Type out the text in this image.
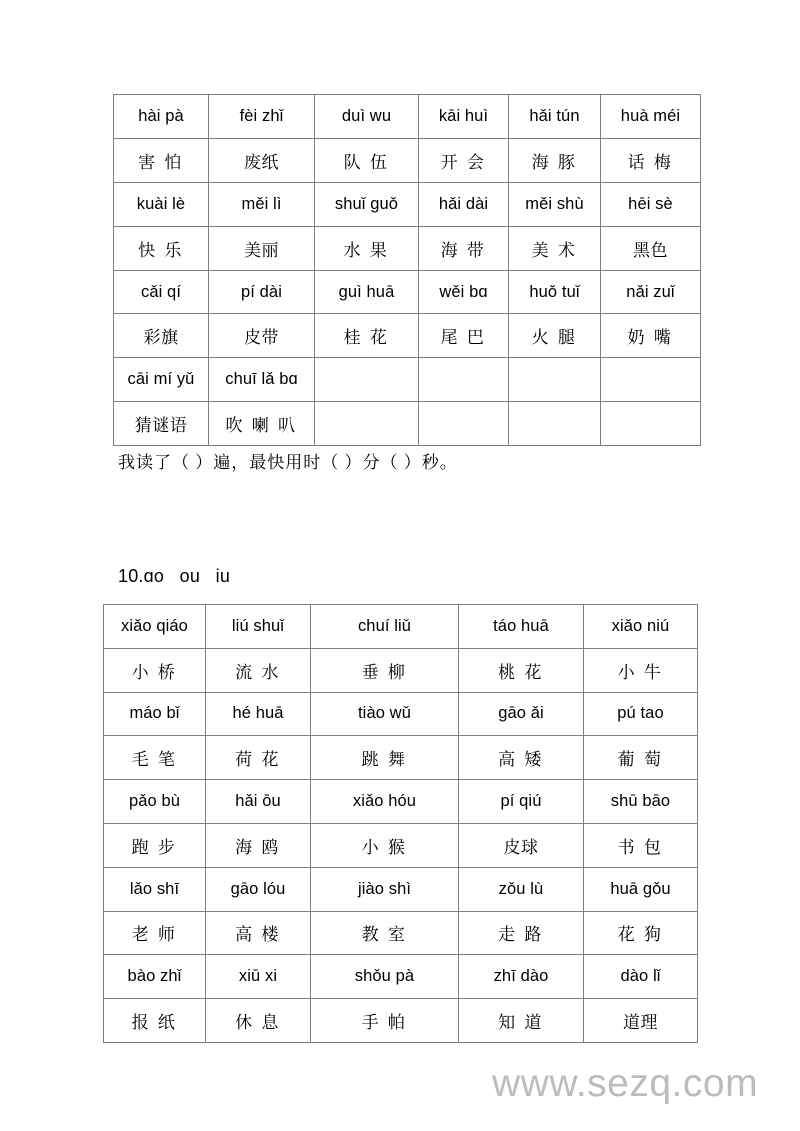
hài pà	fèi zhǐ	duì wu	kāi huì	hǎi tún	huà méi
害 怕	废纸	队 伍	开 会	海 豚	话 梅
kuài lè	měi lì	shuǐ guǒ	hǎi dài	měi shù	hēi sè
快 乐	美丽	水 果	海 带	美 术	黑色
cǎi qí	pí dài	guì huā	wěi bɑ	huǒ tuǐ	nǎi zuǐ
彩旗	皮带	桂 花	尾 巴	火 腿	奶 嘴
cāi mí yǔ	chuī lǎ bɑ				
猜谜语	吹 喇 叭				
我读了（ ）遍，最快用时（ ）分（ ）秒。
10.ɑo   ou   iu
xiǎo qiáo	liú shuǐ	chuí liǔ	táo huā	xiǎo niú
小 桥	流 水	垂 柳	桃 花	小 牛
máo bǐ	hé huā	tiào wǔ	gāo ǎi	pú tao
毛 笔	荷 花	跳 舞	高 矮	葡 萄
pǎo bù	hǎi ōu	xiǎo hóu	pí qiú	shū bāo
跑 步	海 鸥	小 猴	皮球	书 包
lǎo shī	gāo lóu	jiào shì	zǒu lù	huā gǒu
老 师	高 楼	教 室	走 路	花 狗
bào zhǐ	xiū xi	shǒu pà	zhī dào	dào lǐ
报 纸	休 息	手 帕	知 道	道理
www.sezq.com
